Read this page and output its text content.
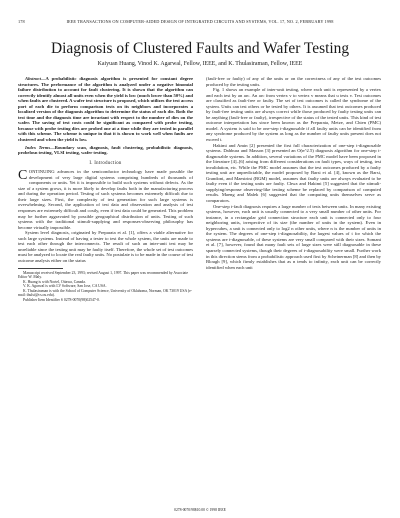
178	IEEE TRANSACTIONS ON COMPUTER-AIDED DESIGN OF INTEGRATED CIRCUITS AND SYSTEMS, VOL. 17, NO. 2, FEBRUARY 1998
Diagnosis of Clustered Faults and Wafer Testing
Kaiyuan Huang, Vinod K. Agarwal, Fellow, IEEE, and K. Thulasiraman, Fellow, IEEE

Abstract—A probabilistic diagnosis algorithm is presented for constant degree structures. The performance of the algorithm is analyzed under a negative binomial failure distribution to account for fault clustering. It is shown that the algorithm can correctly identify almost all units even when the yield is low (much lower than 50%) and when faults are clustered. A wafer test structure is proposed, which utilizes the test access port of each die to perform comparison tests on its neighbors and incorporates a localized version of the diagnosis algorithm to determine the status of each die. Both the test time and the diagnosis time are invariant with respect to the number of dies on the wafer. The saving of test costs could be significant as compared with probe testing, because with probe testing dies are probed one at a time while they are tested in parallel with this scheme. The scheme is unique in that it is shown to work well when faults are clustered and when the yield is low.

Index Terms—Boundary scan, diagnosis, fault clustering, probabilistic diagnosis, probelosn testing, VLSI testing, wafer testing.

I. Introduction

CONTINUING advances in the semiconductor technology have made possible the development of very large digital systems comprising hundreds of thousands of components or units. Yet it is impossible to build such systems without defects. As the size of a system grows, it is more likely to develop faults both in the manufacturing process and during the operation period. Testing of such systems becomes extremely difficult due to their large sizes. First, the complexity of test generation for such large systems is overwhelming. Second, the application of test data and observation and analysis of test responses are extremely difficult and costly, even if test data could be generated. This problem may be further aggravated by possible geographical distribution of units. Testing of such systems with the traditional stimuli-supplying and responses-observing philosophy has become virtually impossible.

System level diagnosis, originated by Preparata et al. [1], offers a viable alternative for such large systems. Instead of having a tester to test the whole system, the units are made to test each other through the interconnects. The result of such an inter-unit test may be unreliable since the testing unit may be faulty itself. Therefore, the whole set of test outcomes must be analyzed to locate the real faulty units. No postulate is to be made in the course of test outcome analysis either on the status

Manuscript received September 23, 1993; revised August 1, 1997. This paper was recommended by Associate Editor W. Maly.
K. Huang is with Nortel, Ottawa, Canada.
V. K. Agarwal is with LV Software, San Jose, CA USA.
K. Thulasiraman is with the School of Computer Science, University of Oklahoma, Norman, OK 73019 USA (e-mail: thulsi@cs.ou.edu).
Publisher Item Identifier S 0278-0070(98)02547-0.

(fault-free or faulty) of any of the units or on the correctness of any of the test outcomes produced by the testing units.

Fig. 1 shows an example of inter-unit testing, where each unit is represented by a vertex and each test by an arc. An arc from vertex v to vertex v means that u tests v. Test outcomes are classified as fault-free or faulty. The set of test outcomes is called the syndrome of the system. Units can test others or be tested by others. It is assumed that test outcomes produced by fault-free testing units are always correct while those produced by faulty testing units can be anything (fault-free or faulty), irrespective of the status of the tested units. This kind of test outcome interpretation has since been known as the Preparata, Metze, and Chien (PMC) model. A system is said to be one-step t-diagnosable if all faulty units can be identified from any syndrome produced by the system as long as the number of faulty units present does not exceed t.

Hakimi and Amin [2] presented the first full characterization of one-step t-diagnosable systems. Dahbura and Masson [3] presented an O(n^2.5) diagnosis algorithm for one-step t-diagnosable systems. In addition, several variations of the PMC model have been proposed in the literature [4]–[6] arising from different considerations on fault types, ways of testing, test invalidation, etc. While the PMC model assumes that the test outcomes produced by a faulty testing unit are unpredictable, the model proposed by Barsi et al. [4], known as the Barsi, Grandoni, and Maestrini (BGM) model, assumes that faulty units are always evaluated to be faulty even if the testing units are faulty. Chwa and Hakimi [5] suggested that the stimuli-supplying/response observing-like testing scheme be replaced by comparison of computed results. Maeng and Malek [6] suggested that the computing units themselves serve as comparators.

One-step t-fault diagnosis requires a large number of tests between units. In many existing systems, however, each unit is usually connected to a very small number of other units. For instance, in a rectangular grid connection structure each unit is connected only to four neighboring units, irrespective of its size (the number of units in the system). Even in hypercubes, a unit is connected only to log2 n other units, where n is the number of units in the system. The degrees of one-step t-diagnosability, the largest values of t for which the systems are t-diagnosable, of these systems are very small compared with their sizes. Somani et al. [7], however, found that many fault sets of large sizes were still diagnosable in these sparsely connected systems, though their degrees of t-diagnosability were small. Further work in this direction stems from a probabilistic approach used first by Scheinerman [8] and then by Blough [9], which firmly establishes that as n tends to infinity, each unit can be correctly identified when each unit

0278-0070/98$10.00 © 1998 IEEE
